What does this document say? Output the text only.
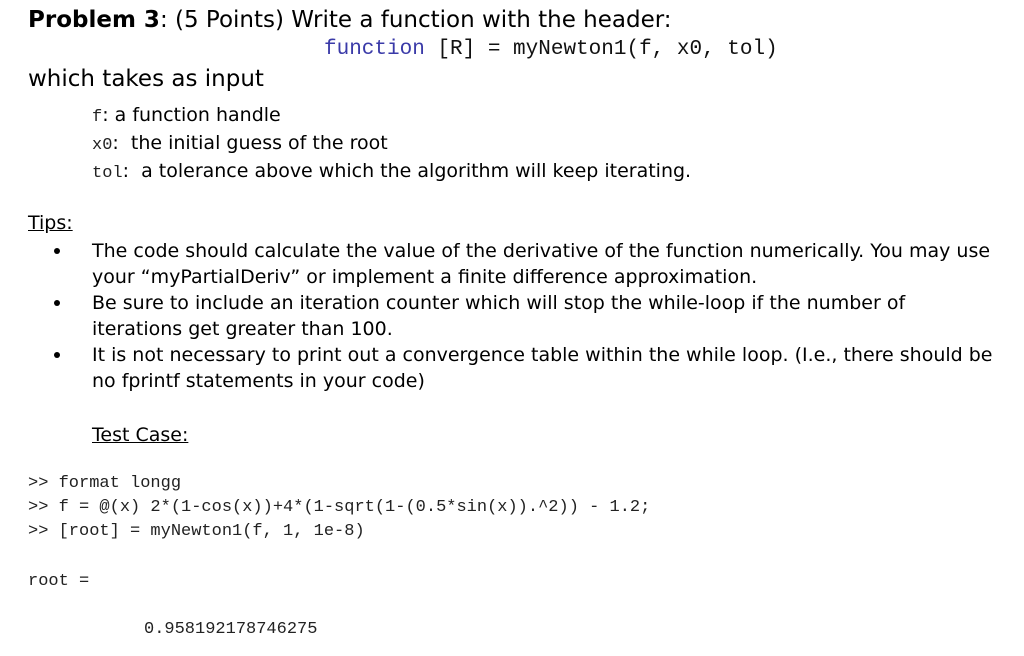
Problem 3: (5 Points) Write a function with the header:
function [R] = myNewton1(f, x0, tol)
which takes as input
f: a function handle
x0:  the initial guess of the root
tol:  a tolerance above which the algorithm will keep iterating.
Tips:
The code should calculate the value of the derivative of the function numerically. You may use your “myPartialDeriv” or implement a finite difference approximation.
Be sure to include an iteration counter which will stop the while-loop if the number of iterations get greater than 100.
It is not necessary to print out a convergence table within the while loop. (I.e., there should be no fprintf statements in your code)
Test Case:
>> format longg
>> f = @(x) 2*(1-cos(x))+4*(1-sqrt(1-(0.5*sin(x)).^2)) - 1.2;
>> [root] = myNewton1(f, 1, 1e-8)
root =
0.958192178746275
